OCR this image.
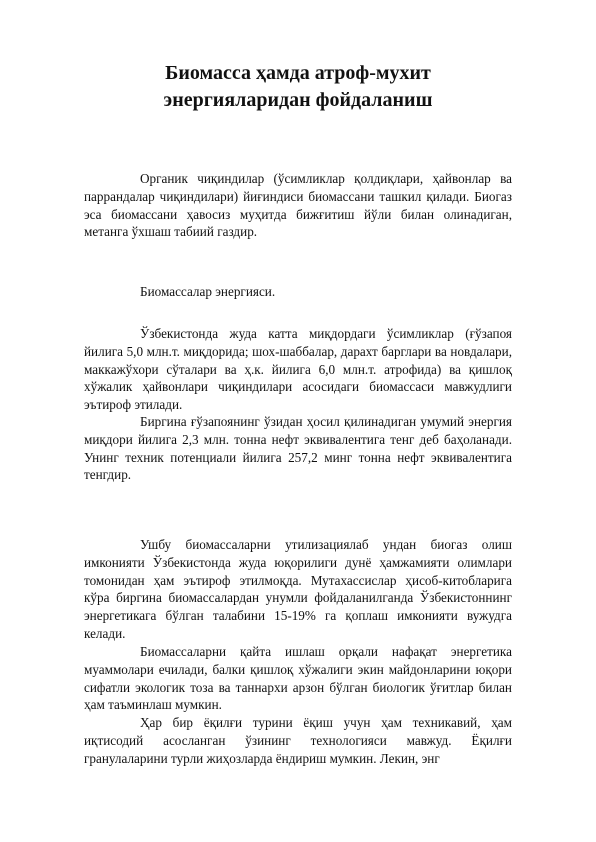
Биомасса ҳамда атроф-мухит
энергияларидан фойдаланиш

Органик чиқиндилар (ўсимликлар қолдиқлари, ҳайвонлар ва паррандалар чиқиндилари) йиғиндиси биомассани ташкил қилади. Биогаз эса биомассани ҳавосиз муҳитда бижғитиш йўли билан олинадиган, метанга ўхшаш табиий газдир.

Биомассалар энергияси.

Ўзбекистонда жуда катта миқдордаги ўсимликлар (ғўзапоя йилига 5,0 млн.т. миқдорида; шох-шаббалар, дарахт барглари ва новдалари, маккажўхори сўталари ва ҳ.к. йилига 6,0 млн.т. атрофида) ва қишлоқ хўжалик ҳайвонлари чиқиндилари асосидаги биомассаси мавжудлиги эътироф этилади.

Биргина ғўзапоянинг ўзидан ҳосил қилинадиган умумий энергия миқдори йилига 2,3 млн. тонна нефт эквивалентига тенг деб баҳоланади. Унинг техник потенциали йилига 257,2 минг тонна нефт эквивалентига тенгдир.

Ушбу биомассаларни утилизациялаб ундан биогаз олиш имконияти Ўзбекистонда жуда юқорилиги дунё ҳамжамияти олимлари томонидан ҳам эътироф этилмоқда. Мутахассислар ҳисоб-китобларига кўра биргина биомассалардан унумли фойдаланилганда Ўзбекистоннинг энергетикага бўлган талабини 15-19% га қоплаш имконияти вужудга келади.

Биомассаларни қайта ишлаш орқали нафақат энергетика муаммолари ечилади, балки қишлоқ хўжалиги экин майдонларини юқори сифатли экологик тоза ва таннархи арзон бўлган биологик ўғитлар билан ҳам таъминлаш мумкин.

Ҳар бир ёқилғи турини ёқиш учун ҳам техникавий, ҳам иқтисодий асосланган ўзининг технологияси мавжуд. Ёқилғи гранулаларини турли жиҳозларда ёндириш мумкин. Лекин, энг
